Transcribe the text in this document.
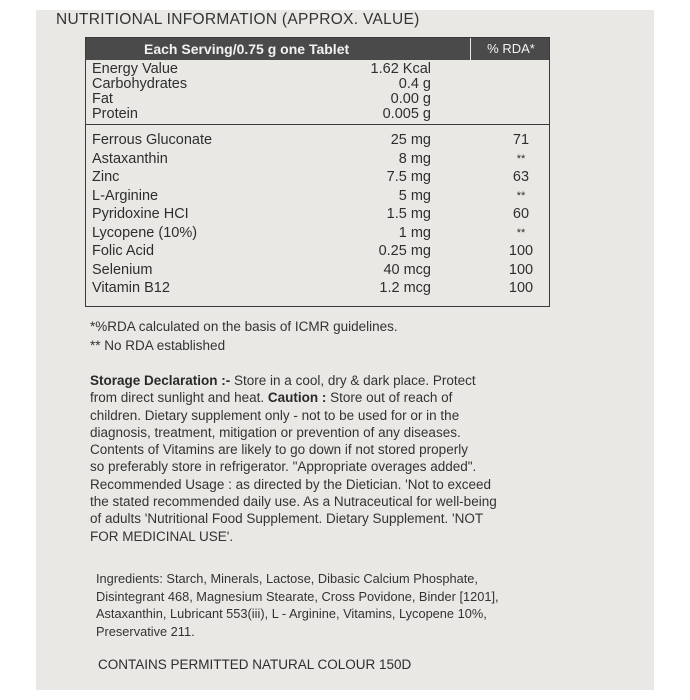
NUTRITIONAL INFORMATION (APPROX. VALUE)
Each Serving/0.75 g one Tablet	% RDA*
Energy Value	1.62 Kcal
Carbohydrates	0.4 g
Fat	0.00 g
Protein	0.005 g
Ferrous Gluconate	25 mg	71
Astaxanthin	8 mg	**
Zinc	7.5 mg	63
L-Arginine	5 mg	**
Pyridoxine HCI	1.5 mg	60
Lycopene (10%)	1 mg	**
Folic Acid	0.25 mg	100
Selenium	40 mcg	100
Vitamin B12	1.2 mcg	100
*%RDA calculated on the basis of ICMR guidelines.
** No RDA established
Storage Declaration :- Store in a cool, dry & dark place. Protect
from direct sunlight and heat. Caution : Store out of reach of
children. Dietary supplement only - not to be used for or in the
diagnosis, treatment, mitigation or prevention of any diseases.
Contents of Vitamins are likely to go down if not stored properly
so preferably store in refrigerator. "Appropriate overages added".
Recommended Usage : as directed by the Dietician. 'Not to exceed
the stated recommended daily use. As a Nutraceutical for well-being
of adults 'Nutritional Food Supplement. Dietary Supplement. 'NOT
FOR MEDICINAL USE'.
Ingredients: Starch, Minerals, Lactose, Dibasic Calcium Phosphate,
Disintegrant 468, Magnesium Stearate, Cross Povidone, Binder [1201],
Astaxanthin, Lubricant 553(iii), L - Arginine, Vitamins, Lycopene 10%,
Preservative 211.
CONTAINS PERMITTED NATURAL COLOUR 150D
